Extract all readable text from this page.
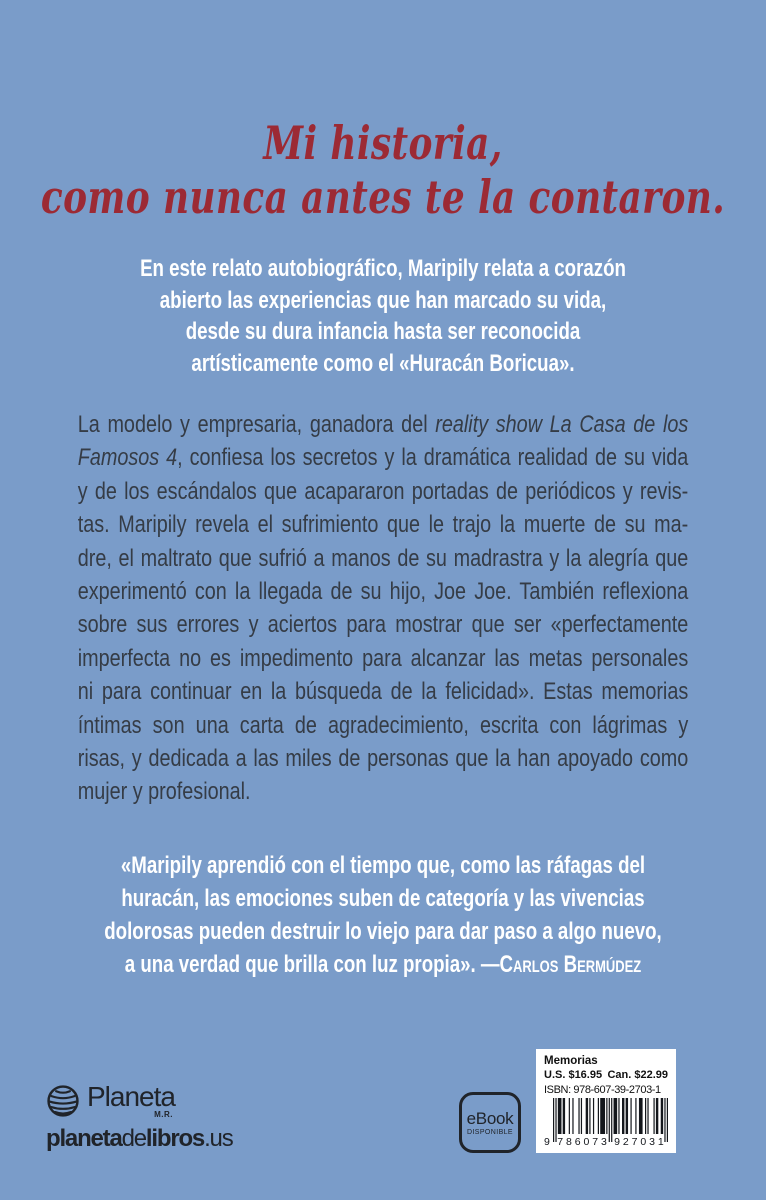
Mi historia,
como nunca antes te la contaron.
En este relato autobiográfico, Maripily relata a corazón
abierto las experiencias que han marcado su vida,
desde su dura infancia hasta ser reconocida
artísticamente como el «Huracán Boricua».
La modelo y empresaria, ganadora del reality show La Casa de los
Famosos 4, confiesa los secretos y la dramática realidad de su vida
y de los escándalos que acapararon portadas de periódicos y revis-
tas. Maripily revela el sufrimiento que le trajo la muerte de su ma-
dre, el maltrato que sufrió a manos de su madrastra y la alegría que
experimentó con la llegada de su hijo, Joe Joe. También reflexiona
sobre sus errores y aciertos para mostrar que ser «perfectamente
imperfecta no es impedimento para alcanzar las metas personales
ni para continuar en la búsqueda de la felicidad». Estas memorias
íntimas son una carta de agradecimiento, escrita con lágrimas y
risas, y dedicada a las miles de personas que la han apoyado como
mujer y profesional.
«Maripily aprendió con el tiempo que, como las ráfagas del
huracán, las emociones suben de categoría y las vivencias
dolorosas pueden destruir lo viejo para dar paso a algo nuevo,
a una verdad que brilla con luz propia». —Carlos Bermúdez
Planeta
M.R.
planetadelibros.us
eBook
DISPONIBLE
Memorias
U.S. $16.95 Can. $22.99
ISBN: 978-607-39-2703-1
9 786073 927031
